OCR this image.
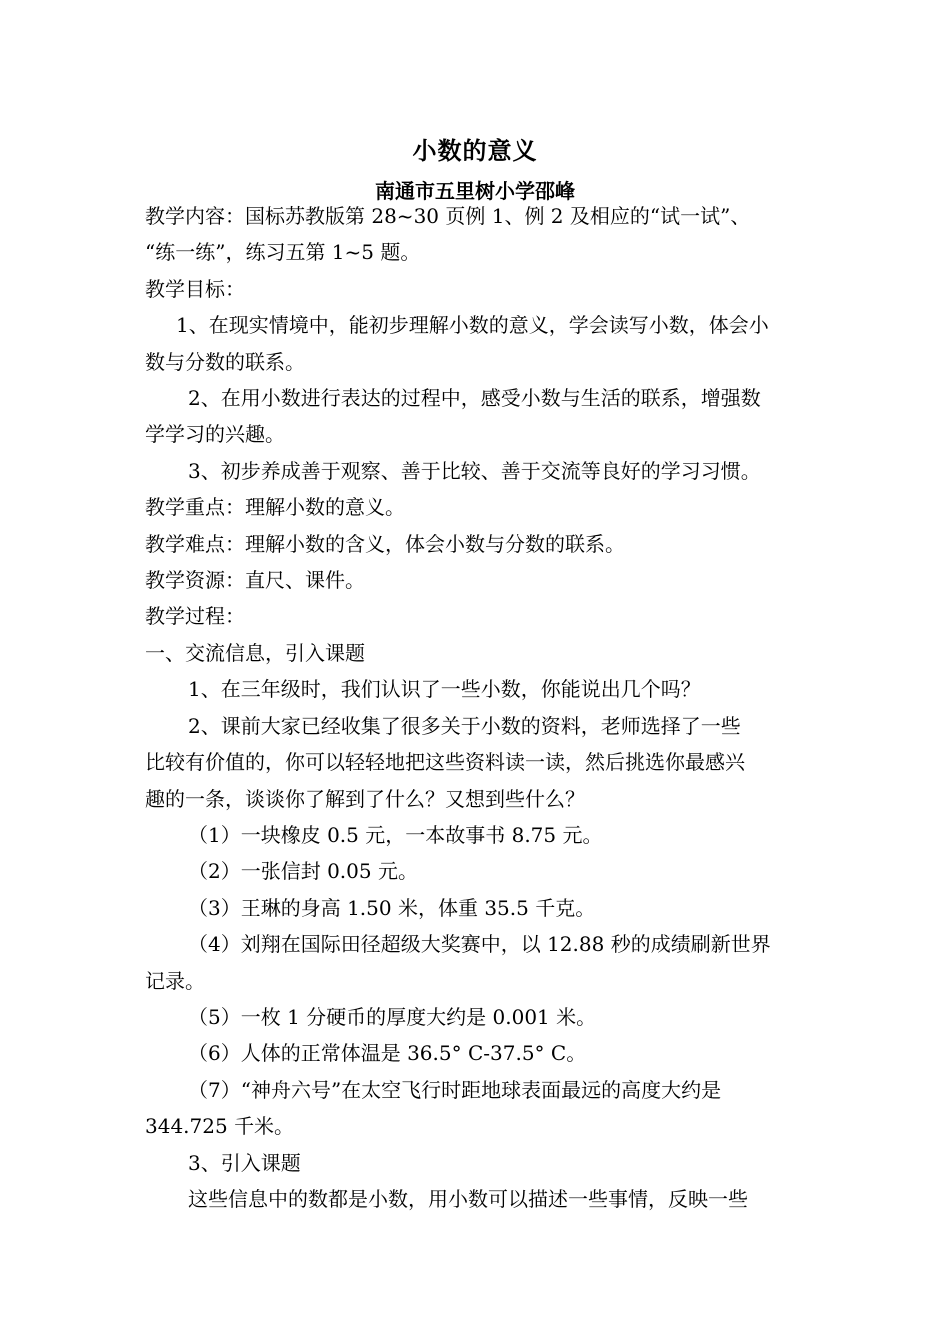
小数的意义
南通市五里树小学邵峰

教学内容：国标苏教版第 28~30 页例 1、例 2 及相应的“试一试”、

“练一练”，练习五第 1~5 题。

教学目标：

1、在现实情境中，能初步理解小数的意义，学会读写小数，体会小

数与分数的联系。

2、在用小数进行表达的过程中，感受小数与生活的联系，增强数

学学习的兴趣。

3、初步养成善于观察、善于比较、善于交流等良好的学习习惯。

教学重点：理解小数的意义。

教学难点：理解小数的含义，体会小数与分数的联系。

教学资源：直尺、课件。

教学过程：

一、交流信息，引入课题

1、在三年级时，我们认识了一些小数，你能说出几个吗？

2、课前大家已经收集了很多关于小数的资料，老师选择了一些

比较有价值的，你可以轻轻地把这些资料读一读，然后挑选你最感兴

趣的一条，谈谈你了解到了什么？又想到些什么？

（1）一块橡皮 0.5 元，一本故事书 8.75 元。

（2）一张信封 0.05 元。

（3）王琳的身高 1.50 米，体重 35.5 千克。

（4）刘翔在国际田径超级大奖赛中，以 12.88 秒的成绩刷新世界

记录。

（5）一枚 1 分硬币的厚度大约是 0.001 米。

（6）人体的正常体温是 36.5° C-37.5° C。

（7）“神舟六号”在太空飞行时距地球表面最远的高度大约是

344.725 千米。

3、引入课题

这些信息中的数都是小数，用小数可以描述一些事情，反映一些
